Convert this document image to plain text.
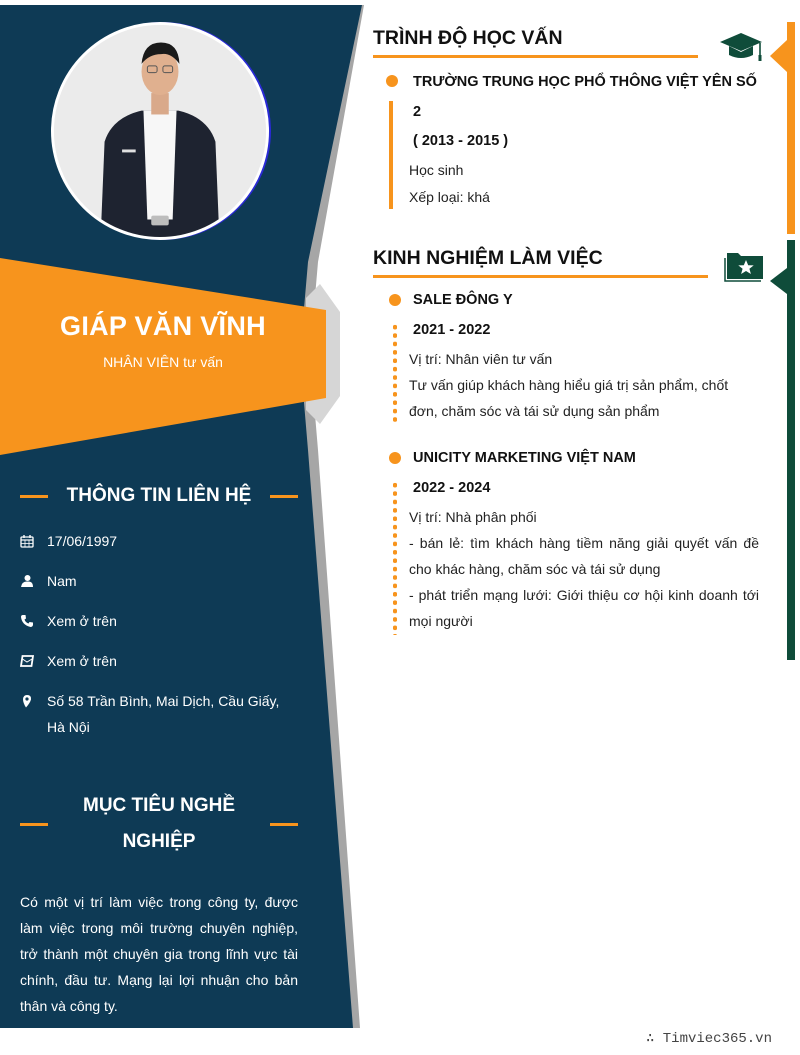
GIÁP VĂN VĨNH
NHÂN VIÊN tư vấn
THÔNG TIN LIÊN HỆ
17/06/1997
Nam
Xem ở trên
Xem ở trên
Số 58 Trần Bình, Mai Dịch, Cầu Giấy, Hà Nội
MỤC TIÊU NGHỀ
NGHIỆP
Có một vị trí làm việc trong công ty, được làm việc trong môi trường chuyên nghiệp, trở thành một chuyên gia trong lĩnh vực tài chính, đầu tư. Mạng lại lợi nhuận cho bản thân và công ty.
TRÌNH ĐỘ HỌC VẤN
TRƯỜNG TRUNG HỌC PHỔ THÔNG VIỆT YÊN SỐ 2
( 2013 - 2015 )
Học sinh
Xếp loại: khá
KINH NGHIỆM LÀM VIỆC
SALE ĐÔNG Y
2021 - 2022
Vị trí: Nhân viên tư vấn
Tư vấn giúp khách hàng hiểu giá trị sản phẩm, chốt đơn, chăm sóc và tái sử dụng sản phẩm
UNICITY MARKETING VIỆT NAM
2022 - 2024
Vị trí: Nhà phân phối
- bán lẻ: tìm khách hàng tiềm năng giải quyết vấn đề cho khác hàng, chăm sóc và tái sử dụng
- phát triển mạng lưới: Giới thiệu cơ hội kinh doanh tới mọi người
∴ Timviec365.vn
